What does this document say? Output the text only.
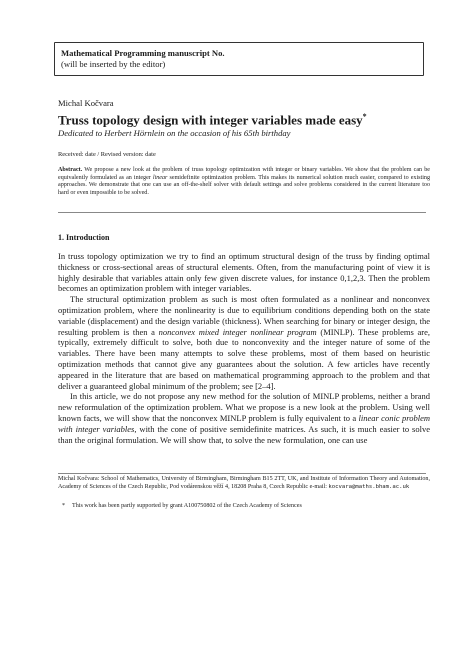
Mathematical Programming manuscript No.
(will be inserted by the editor)
Michal Kočvara
Truss topology design with integer variables made easy*
Dedicated to Herbert Hörnlein on the occasion of his 65th birthday
Received: date / Revised version: date
Abstract. We propose a new look at the problem of truss topology optimization with integer or binary variables. We show that the problem can be equivalently formulated as an integer linear semidefinite optimization problem. This makes its numerical solution much easier, compared to existing approaches. We demonstrate that one can use an off-the-shelf solver with default settings and solve problems considered in the current literature too hard or even impossible to be solved.
1. Introduction

In truss topology optimization we try to find an optimum structural design of the truss by finding optimal thickness or cross-sectional areas of structural elements. Often, from the manufacturing point of view it is highly desirable that variables attain only few given discrete values, for instance 0,1,2,3. Then the problem becomes an optimization problem with integer variables.

The structural optimization problem as such is most often formulated as a nonlinear and nonconvex optimization problem, where the nonlinearity is due to equilibrium conditions depending both on the state variable (displacement) and the design variable (thickness). When searching for binary or integer design, the resulting problem is then a nonconvex mixed integer nonlinear program (MINLP). These problems are, typically, extremely difficult to solve, both due to nonconvexity and the integer nature of some of the variables. There have been many attempts to solve these problems, most of them based on heuristic optimization methods that cannot give any guarantees about the solution. A few articles have recently appeared in the literature that are based on mathematical programming approach to the problem and that deliver a guaranteed global minimum of the problem; see [2–4].

In this article, we do not propose any new method for the solution of MINLP problems, neither a brand new reformulation of the optimization problem. What we propose is a new look at the problem. Using well known facts, we will show that the nonconvex MINLP problem is fully equivalent to a linear conic problem with integer variables, with the cone of positive semidefinite matrices. As such, it is much easier to solve than the original formulation. We will show that, to solve the new formulation, one can use

Michal Kočvara: School of Mathematics, University of Birmingham, Birmingham B15 2TT, UK, and Institute of Information Theory and Automation, Academy of Sciences of the Czech Republic, Pod vodárenskou věží 4, 18208 Praha 8, Czech Republic e-mail: kocvara@maths.bham.ac.uk
* This work has been partly supported by grant A100750802 of the Czech Academy of Sciences
